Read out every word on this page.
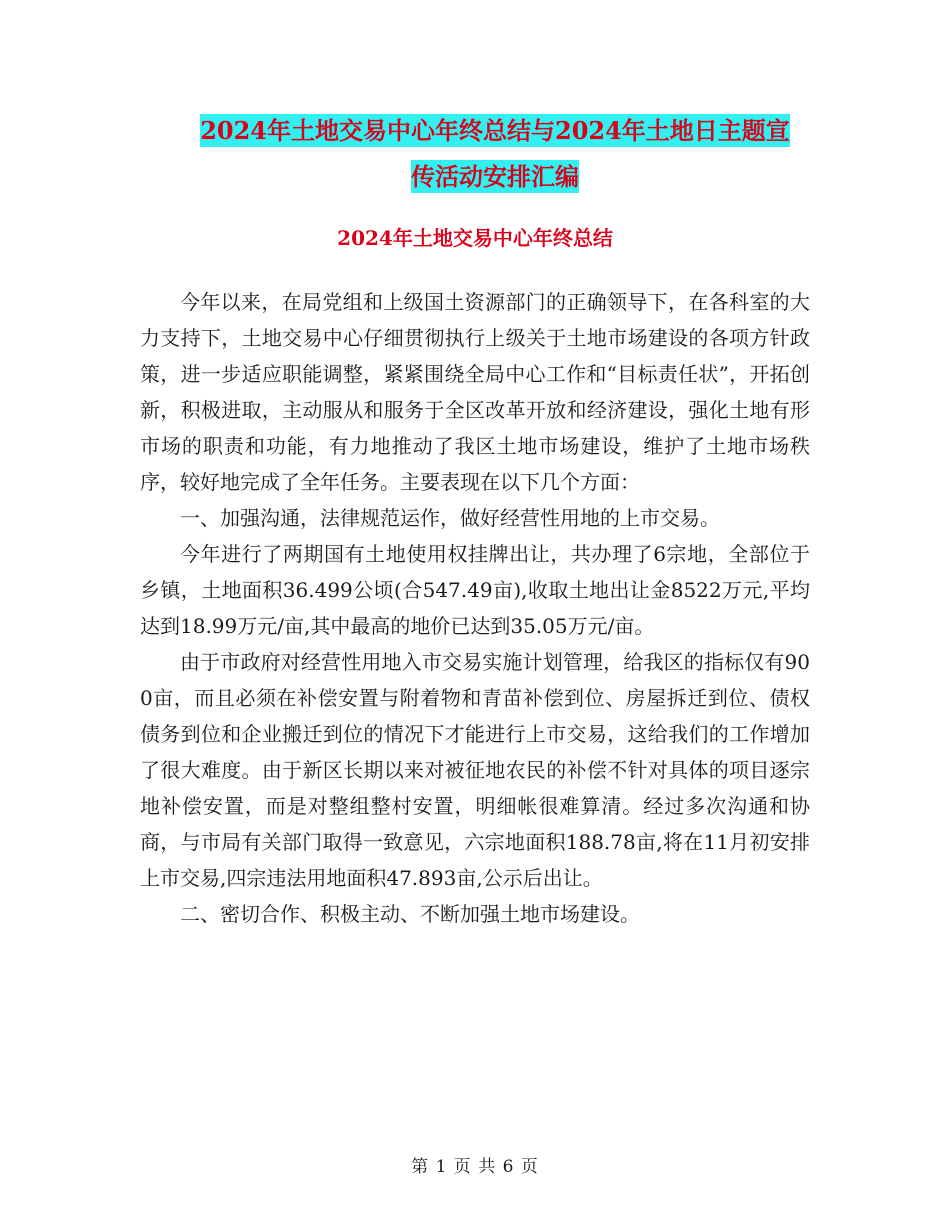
2024年土地交易中心年终总结与2024年土地日主题宣
传活动安排汇编
2024年土地交易中心年终总结

今年以来，在局党组和上级国土资源部门的正确领导下，在各科室的大力支持下，土地交易中心仔细贯彻执行上级关于土地市场建设的各项方针政策，进一步适应职能调整，紧紧围绕全局中心工作和“目标责任状”，开拓创新，积极进取，主动服从和服务于全区改革开放和经济建设，强化土地有形市场的职责和功能，有力地推动了我区土地市场建设，维护了土地市场秩序，较好地完成了全年任务。主要表现在以下几个方面：

一、加强沟通，法律规范运作，做好经营性用地的上市交易。

今年进行了两期国有土地使用权挂牌出让，共办理了6宗地，全部位于乡镇，土地面积36.499公顷(合547.49亩),收取土地出让金8522万元,平均达到18.99万元/亩,其中最高的地价已达到35.05万元/亩。

由于市政府对经营性用地入市交易实施计划管理，给我区的指标仅有900亩，而且必须在补偿安置与附着物和青苗补偿到位、房屋拆迁到位、债权债务到位和企业搬迁到位的情况下才能进行上市交易，这给我们的工作增加了很大难度。由于新区长期以来对被征地农民的补偿不针对具体的项目逐宗地补偿安置，而是对整组整村安置，明细帐很难算清。经过多次沟通和协商，与市局有关部门取得一致意见，六宗地面积188.78亩,将在11月初安排上市交易,四宗违法用地面积47.893亩,公示后出让。

二、密切合作、积极主动、不断加强土地市场建设。

第 1 页 共 6 页
